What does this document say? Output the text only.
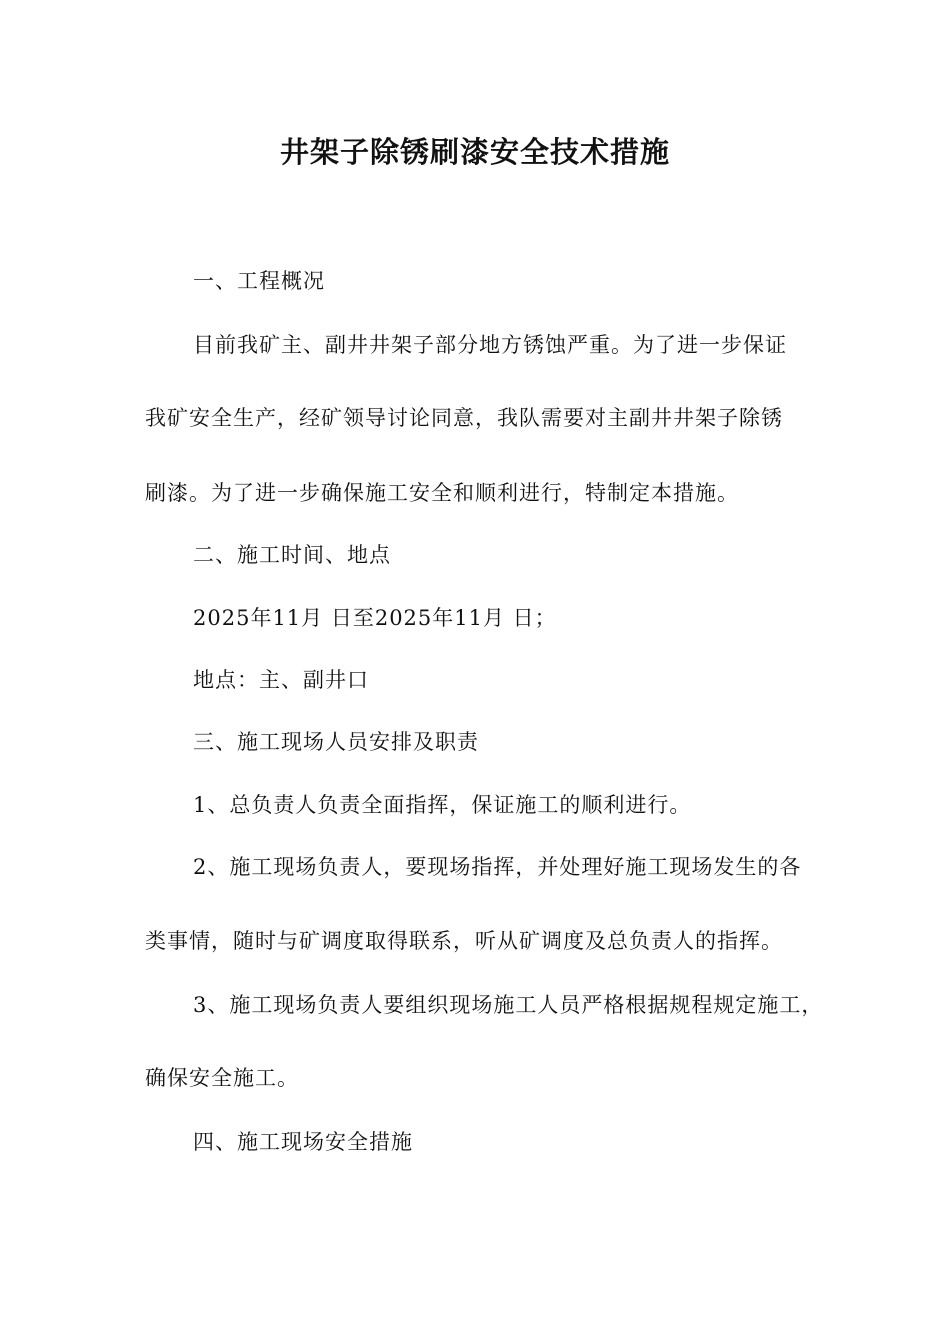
井架子除锈刷漆安全技术措施

一、工程概况

目前我矿主、副井井架子部分地方锈蚀严重。为了进一步保证

我矿安全生产，经矿领导讨论同意，我队需要对主副井井架子除锈

刷漆。为了进一步确保施工安全和顺利进行，特制定本措施。

二、施工时间、地点

2025年11月 日至2025年11月 日；

地点：主、副井口

三、施工现场人员安排及职责

1、总负责人负责全面指挥，保证施工的顺利进行。

2、施工现场负责人，要现场指挥，并处理好施工现场发生的各

类事情，随时与矿调度取得联系，听从矿调度及总负责人的指挥。

3、施工现场负责人要组织现场施工人员严格根据规程规定施工，

确保安全施工。

四、施工现场安全措施
